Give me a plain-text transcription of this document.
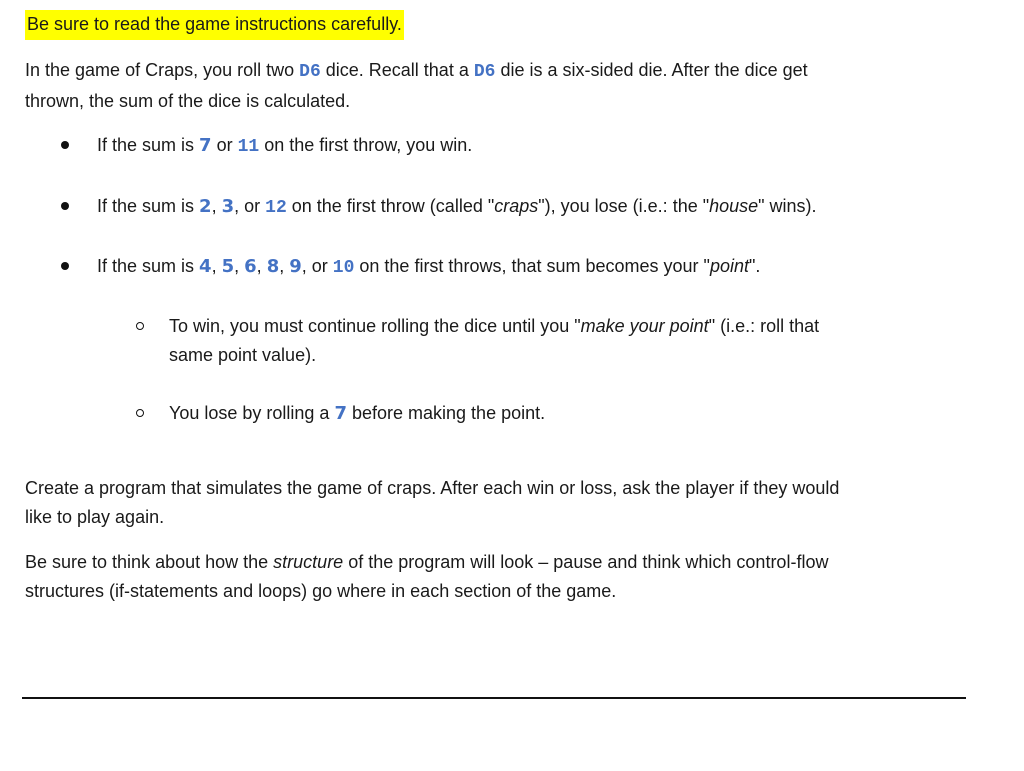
Be sure to read the game instructions carefully.
In the game of Craps, you roll two D6 dice. Recall that a D6 die is a six-sided die. After the dice get
thrown, the sum of the dice is calculated.
If the sum is 7 or 11 on the first throw, you win.
If the sum is 2, 3, or 12 on the first throw (called "craps"), you lose (i.e.: the "house" wins).
If the sum is 4, 5, 6, 8, 9, or 10 on the first throws, that sum becomes your "point".
To win, you must continue rolling the dice until you "make your point" (i.e.: roll that
same point value).
You lose by rolling a 7 before making the point.
Create a program that simulates the game of craps. After each win or loss, ask the player if they would
like to play again.
Be sure to think about how the structure of the program will look – pause and think which control-flow
structures (if-statements and loops) go where in each section of the game.
